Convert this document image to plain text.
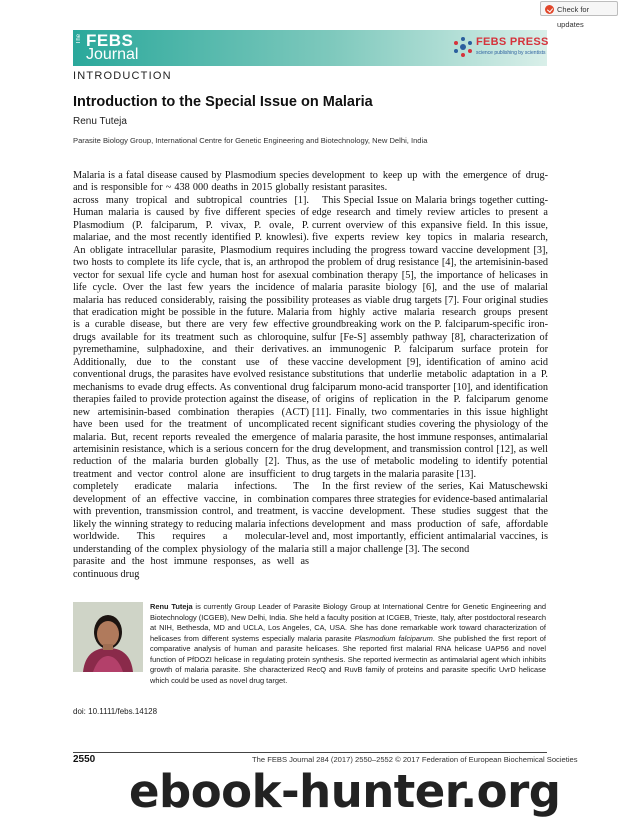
Check for updates
The FEBS
Journal
FEBS PRESS
science publishing by scientists
INTRODUCTION
Introduction to the Special Issue on Malaria
Renu Tuteja
Parasite Biology Group, International Centre for Genetic Engineering and Biotechnology, New Delhi, India

Malaria is a fatal disease caused by Plasmodium species and is responsible for ~ 438 000 deaths in 2015 globally across many tropical and subtropical countries [1]. Human malaria is caused by five different species of Plasmodium (P. falciparum, P. vivax, P. ovale, P. malariae, and the most recently identified P. knowlesi). An obligate intracellular parasite, Plasmodium requires two hosts to complete its life cycle, that is, an arthropod vector for sexual life cycle and human host for asexual life cycle. Over the last few years the incidence of malaria has reduced considerably, raising the possibility that eradication might be possible in the future. Malaria is a curable disease, but there are very few effective drugs available for its treatment such as chloroquine, pyremethamine, sulphadoxine, and their derivatives. Additionally, due to the constant use of these conventional drugs, the parasites have evolved resistance mechanisms to evade drug effects. As conventional drug therapies failed to provide protection against the disease, new artemisinin-based combination therapies (ACT) have been used for the treatment of uncomplicated malaria. But, recent reports revealed the emergence of artemisinin resistance, which is a serious concern for the reduction of the malaria burden globally [2]. Thus, treatment and vector control alone are insufficient to completely eradicate malaria infections. The development of an effective vaccine, in combination with prevention, transmission control, and treatment, is likely the winning strategy to reducing malaria infections worldwide. This requires a molecular-level understanding of the complex physiology of the malaria parasite and the host immune responses, as well as continuous drug

development to keep up with the emergence of drug-resistant parasites.

This Special Issue on Malaria brings together cutting-edge research and timely review articles to present a current overview of this expansive field. In this issue, five experts review key topics in malaria research, including the progress toward vaccine development [3], the problem of drug resistance [4], the artemisinin-based combination therapy [5], the importance of helicases in malaria parasite biology [6], and the use of malarial proteases as viable drug targets [7]. Four original studies from highly active malaria research groups present groundbreaking work on the P. falciparum-specific iron-sulfur [Fe-S] assembly pathway [8], characterization of an immunogenic P. falciparum surface protein for vaccine development [9], identification of amino acid substitutions that underlie metabolic adaptation in a P. falciparum mono-acid transporter [10], and identification of origins of replication in the P. falciparum genome [11]. Finally, two commentaries in this issue highlight recent significant studies covering the physiology of the malaria parasite, the host immune responses, antimalarial drug development, and transmission control [12], as well as the use of metabolic modeling to identify potential drug targets in the malaria parasite [13].

In the first review of the series, Kai Matuschewski compares three strategies for evidence-based antimalarial vaccine development. These studies suggest that the development and mass production of safe, affordable and, most importantly, efficient antimalarial vaccines, is still a major challenge [3]. The second

Renu Tuteja is currently Group Leader of Parasite Biology Group at International Centre for Genetic Engineering and Biotechnology (ICGEB), New Delhi, India. She held a faculty position at ICGEB, Trieste, Italy, after postdoctoral research at NIH, Bethesda, MD and UCLA, Los Angeles, CA, USA. She has done remarkable work toward characterization of helicases from different systems especially malaria parasite Plasmodium falciparum. She published the first report of comparative analysis of human and parasite helicases. She reported first malarial RNA helicase UAP56 and novel function of PfDOZI helicase in regulating protein synthesis. She reported ivermectin as antimalarial agent which inhibits growth of malaria parasite. She characterized RecQ and RuvB family of proteins and parasite specific UvrD helicase which could be used as novel drug target.
doi: 10.1111/febs.14128
2550	The FEBS Journal 284 (2017) 2550–2552 © 2017 Federation of European Biochemical Societies
ebook-hunter.org
